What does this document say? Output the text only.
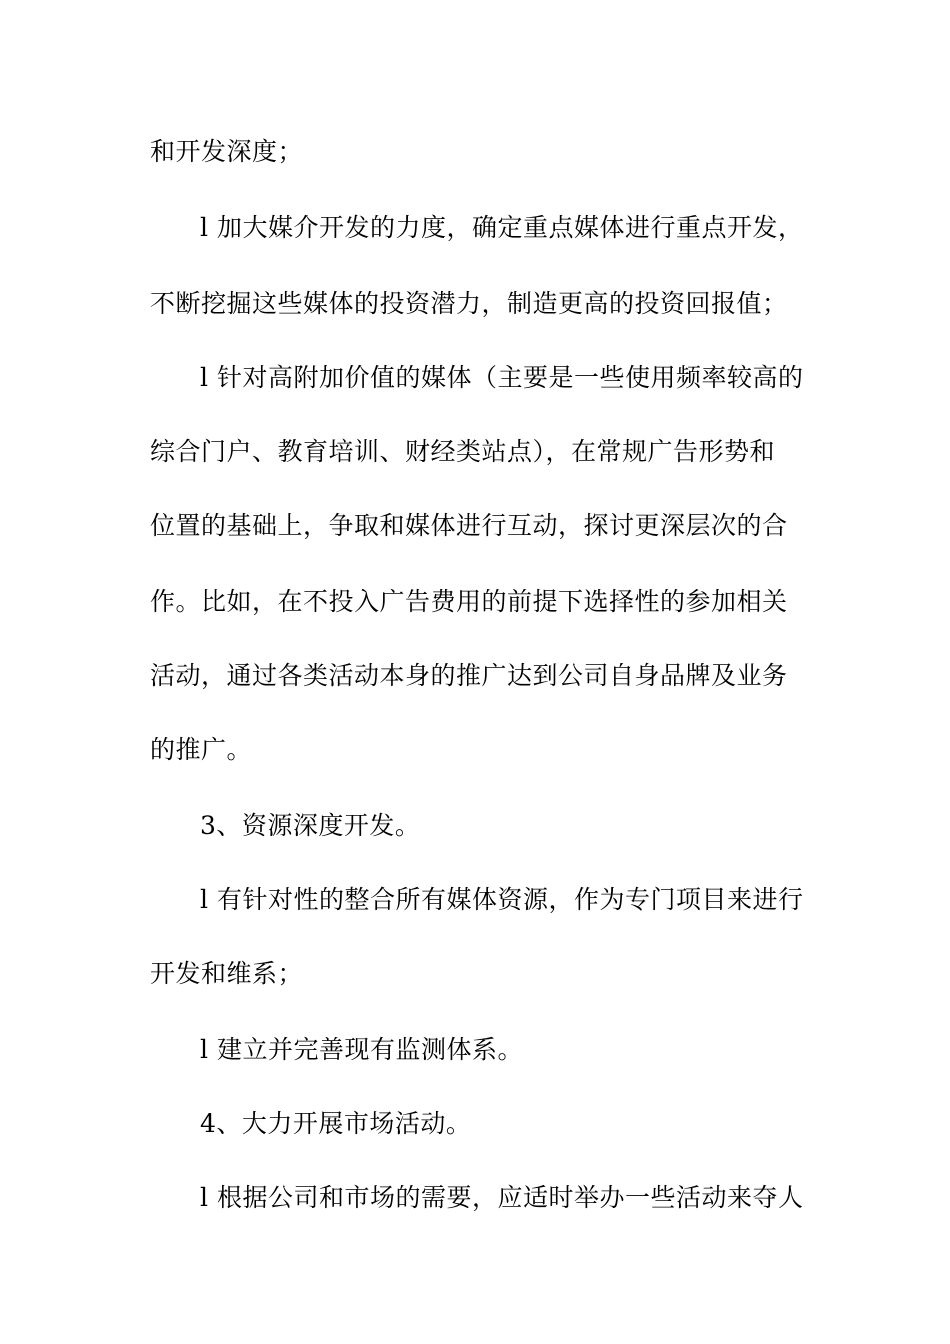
和开发深度；
l 加大媒介开发的力度，确定重点媒体进行重点开发，
不断挖掘这些媒体的投资潜力，制造更高的投资回报值；
l 针对高附加价值的媒体（主要是一些使用频率较高的
综合门户、教育培训、财经类站点），在常规广告形势和
位置的基础上，争取和媒体进行互动，探讨更深层次的合
作。比如，在不投入广告费用的前提下选择性的参加相关
活动，通过各类活动本身的推广达到公司自身品牌及业务
的推广。
3、资源深度开发。
l 有针对性的整合所有媒体资源，作为专门项目来进行
开发和维系；
l 建立并完善现有监测体系。
4、大力开展市场活动。
l 根据公司和市场的需要，应适时举办一些活动来夺人
